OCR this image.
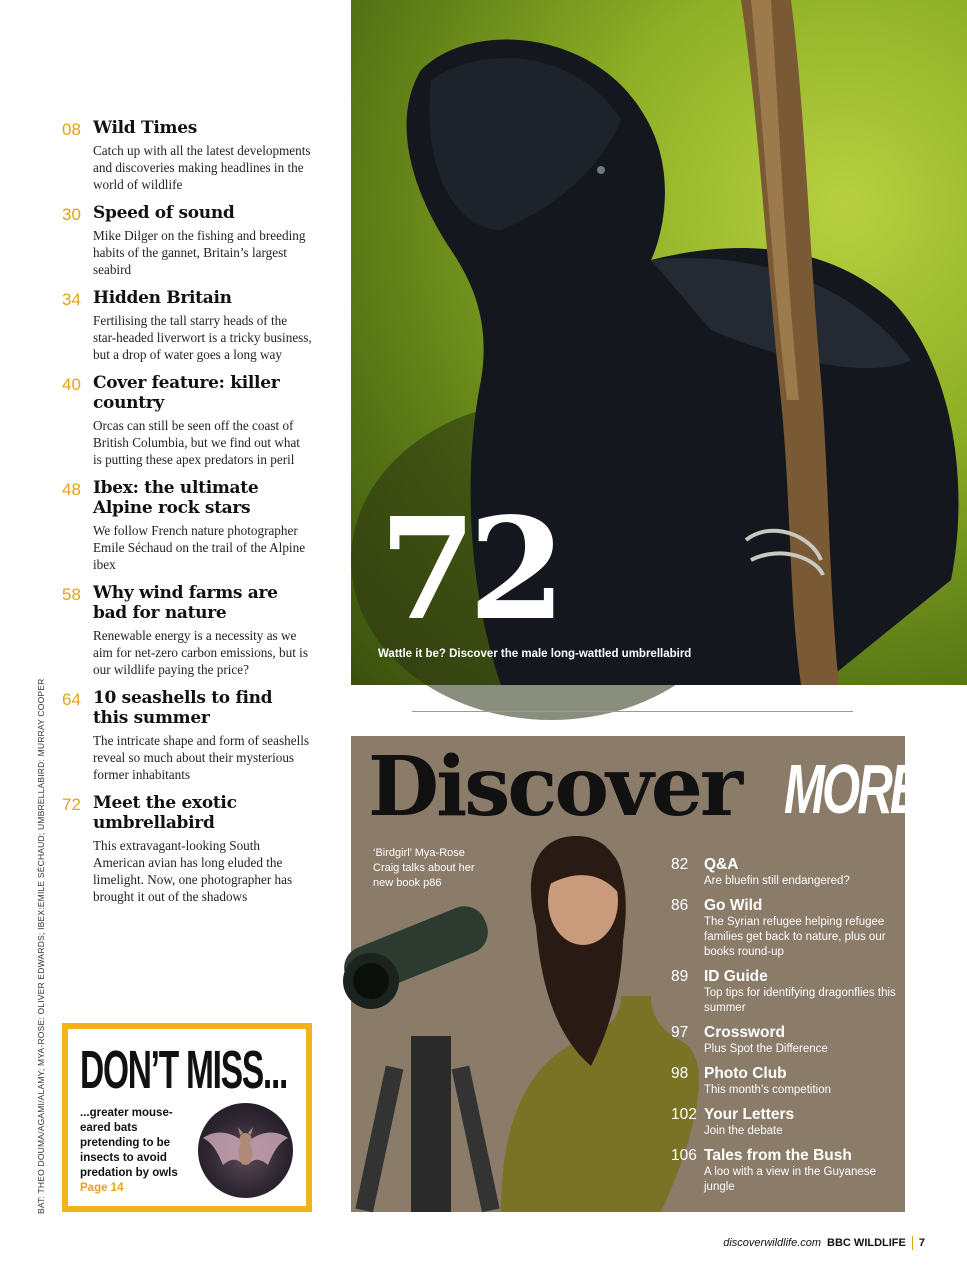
08 Wild Times
Catch up with all the latest developments and discoveries making headlines in the world of wildlife
30 Speed of sound
Mike Dilger on the fishing and breeding habits of the gannet, Britain’s largest seabird
34 Hidden Britain
Fertilising the tall starry heads of the star-headed liverwort is a tricky business, but a drop of water goes a long way
40 Cover feature: killer country
Orcas can still be seen off the coast of British Columbia, but we find out what is putting these apex predators in peril
48 Ibex: the ultimate Alpine rock stars
We follow French nature photographer Emile Séchaud on the trail of the Alpine ibex
58 Why wind farms are bad for nature
Renewable energy is a necessity as we aim for net-zero carbon emissions, but is our wildlife paying the price?
64 10 seashells to find this summer
The intricate shape and form of seashells reveal so much about their mysterious former inhabitants
72 Meet the exotic umbrellabird
This extravagant-looking South American avian has long eluded the limelight. Now, one photographer has brought it out of the shadows
BAT: THEO DOUMA/AGAMI/ALAMY; MYA-ROSE: OLIVER EDWARDS; IBEX:EMILE SÉCHAUD; UMBRELLABIRD: MURRAY COOPER
72
Wattle it be? Discover the male long-wattled umbrellabird
Discover MORE
‘Birdgirl’ Mya-Rose Craig talks about her new book p86
82 Q&A
Are bluefin still endangered?
86 Go Wild
The Syrian refugee helping refugee families get back to nature, plus our books round-up
89 ID Guide
Top tips for identifying dragonflies this summer
97 Crossword
Plus Spot the Difference
98 Photo Club
This month’s competition
102 Your Letters
Join the debate
106 Tales from the Bush
A loo with a view in the Guyanese jungle
DON’T MISS...
...greater mouse-eared bats pretending to be insects to avoid predation by owls
Page 14
discoverwildlife.com BBC WILDLIFE 7
